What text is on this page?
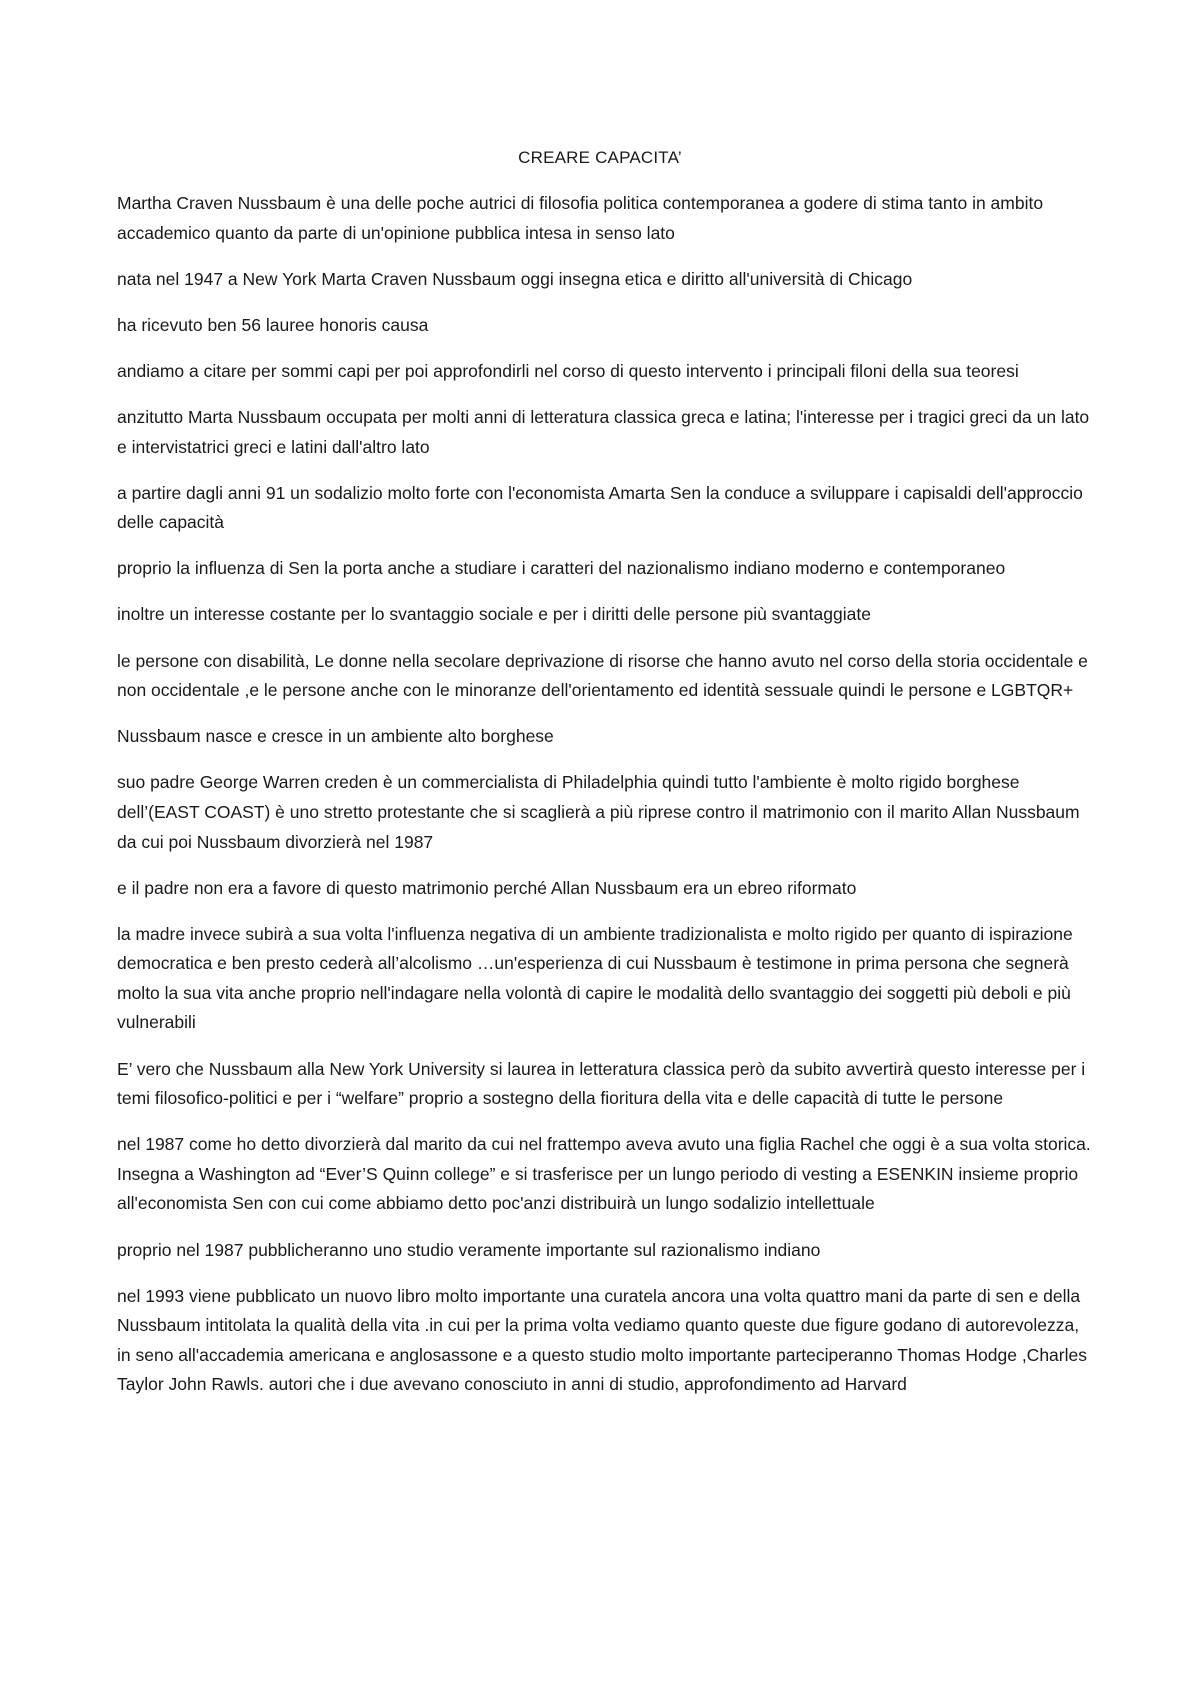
CREARE CAPACITA’

Martha Craven Nussbaum è una delle poche autrici di filosofia politica contemporanea a godere di stima tanto in ambito accademico quanto da parte di un'opinione pubblica intesa in senso lato

nata nel 1947 a New York Marta Craven Nussbaum oggi insegna etica e diritto all'università di Chicago

ha ricevuto ben 56 lauree honoris causa

andiamo a citare per sommi capi per poi approfondirli nel corso di questo intervento i principali filoni della sua teoresi

anzitutto Marta Nussbaum occupata per molti anni di letteratura classica greca e latina; l'interesse per i tragici greci da un lato e intervistatrici greci e latini dall'altro lato

a partire dagli anni 91 un sodalizio molto forte con l'economista Amarta Sen la conduce a sviluppare i capisaldi dell'approccio delle capacità

proprio la influenza di Sen la porta anche a studiare i caratteri del nazionalismo indiano moderno e contemporaneo

inoltre un interesse costante per lo svantaggio sociale e per i diritti delle persone più svantaggiate

le persone con disabilità, Le donne nella secolare deprivazione di risorse che hanno avuto nel corso della storia occidentale e non occidentale ,e le persone anche con le minoranze dell'orientamento ed identità sessuale quindi le persone e LGBTQR+

Nussbaum nasce e cresce in un ambiente alto borghese

suo padre George Warren creden è un commercialista di Philadelphia quindi tutto l'ambiente è molto rigido borghese dell’(EAST COAST) è uno stretto protestante che si scaglierà a più riprese contro il matrimonio con il marito Allan Nussbaum da cui poi Nussbaum divorzierà nel 1987

e il padre non era a favore di questo matrimonio perché Allan Nussbaum era un ebreo riformato

la madre invece subirà a sua volta l'influenza negativa di un ambiente tradizionalista e molto rigido per quanto di ispirazione democratica e ben presto cederà all’alcolismo …un'esperienza di cui Nussbaum è testimone in prima persona che segnerà molto la sua vita anche proprio nell'indagare nella volontà di capire le modalità dello svantaggio dei soggetti più deboli e più vulnerabili

E’ vero che Nussbaum alla New York University si laurea in letteratura classica però da subito avvertirà questo interesse per i temi filosofico-politici e per i “welfare” proprio a sostegno della fioritura della vita e delle capacità di tutte le persone

nel 1987 come ho detto divorzierà dal marito da cui nel frattempo aveva avuto una figlia Rachel che oggi è a sua volta storica. Insegna a Washington ad “Ever’S Quinn college” e si trasferisce per un lungo periodo di vesting a ESENKIN insieme proprio all'economista Sen con cui come abbiamo detto poc'anzi distribuirà un lungo sodalizio intellettuale

proprio nel 1987 pubblicheranno uno studio veramente importante sul razionalismo indiano

nel 1993 viene pubblicato un nuovo libro molto importante una curatela ancora una volta quattro mani da parte di sen e della Nussbaum intitolata la qualità della vita .in cui per la prima volta vediamo quanto queste due figure godano di autorevolezza, in seno all'accademia americana e anglosassone e a questo studio molto importante parteciperanno Thomas Hodge ,Charles Taylor John Rawls. autori che i due avevano conosciuto in anni di studio, approfondimento ad Harvard
